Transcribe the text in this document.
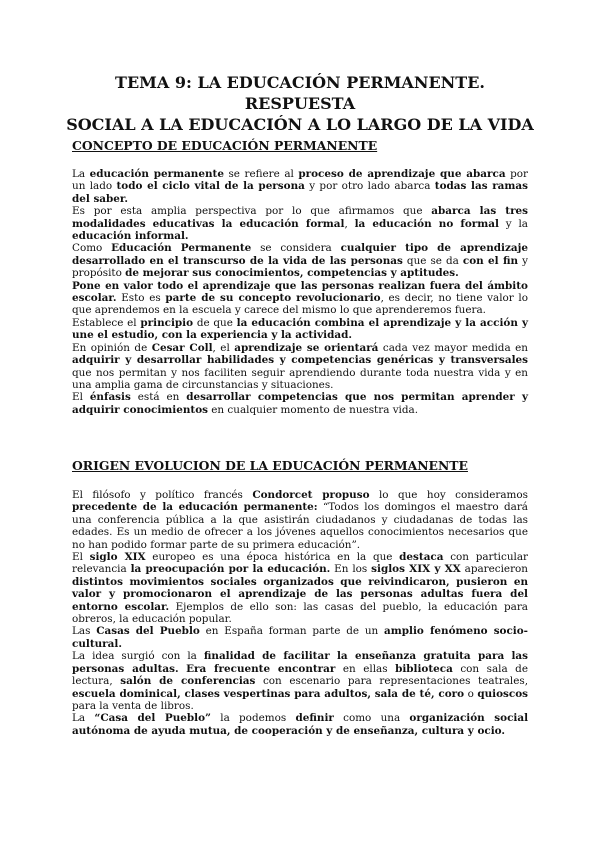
TEMA 9: LA EDUCACIÓN PERMANENTE. RESPUESTA
SOCIAL A LA EDUCACIÓN A LO LARGO DE LA VIDA
CONCEPTO DE EDUCACIÓN PERMANENTE

La educación permanente se refiere al proceso de aprendizaje que abarca por un lado todo el ciclo vital de la persona y por otro lado abarca todas las ramas del saber.

Es por esta amplia perspectiva por lo que afirmamos que abarca las tres modalidades educativas la educación formal, la educación no formal y la educación informal.

Como Educación Permanente se considera cualquier tipo de aprendizaje desarrollado en el transcurso de la vida de las personas que se da con el fin y propósito de mejorar sus conocimientos, competencias y aptitudes.

Pone en valor todo el aprendizaje que las personas realizan fuera del ámbito escolar. Esto es parte de su concepto revolucionario, es decir, no tiene valor lo que aprendemos en la escuela y carece del mismo lo que aprenderemos fuera.

Establece el principio de que la educación combina el aprendizaje y la acción y une el estudio, con la experiencia y la actividad.

En opinión de Cesar Coll, el aprendizaje se orientará cada vez mayor medida en adquirir y desarrollar habilidades y competencias genéricas y transversales que nos permitan y nos faciliten seguir aprendiendo durante toda nuestra vida y en una amplia gama de circunstancias y situaciones.

El énfasis está en desarrollar competencias que nos permitan aprender y adquirir conocimientos en cualquier momento de nuestra vida.

ORIGEN EVOLUCION DE LA EDUCACIÓN PERMANENTE

El filósofo y político francés Condorcet propuso lo que hoy consideramos precedente de la educación permanente: “Todos los domingos el maestro dará una conferencia pública a la que asistirán ciudadanos y ciudadanas de todas las edades. Es un medio de ofrecer a los jóvenes aquellos conocimientos necesarios que no han podido formar parte de su primera educación”.

El siglo XIX europeo es una época histórica en la que destaca con particular relevancia la preocupación por la educación. En los siglos XIX y XX aparecieron distintos movimientos sociales organizados que reivindicaron, pusieron en valor y promocionaron el aprendizaje de las personas adultas fuera del entorno escolar. Ejemplos de ello son: las casas del pueblo, la educación para obreros, la educación popular.

Las Casas del Pueblo en España forman parte de un amplio fenómeno socio-cultural.

La idea surgió con la finalidad de facilitar la enseñanza gratuita para las personas adultas. Era frecuente encontrar en ellas biblioteca con sala de lectura, salón de conferencias con escenario para representaciones teatrales, escuela dominical, clases vespertinas para adultos, sala de té, coro o quioscos para la venta de libros.

La “Casa del Pueblo” la podemos definir como una organización social autónoma de ayuda mutua, de cooperación y de enseñanza, cultura y ocio.
